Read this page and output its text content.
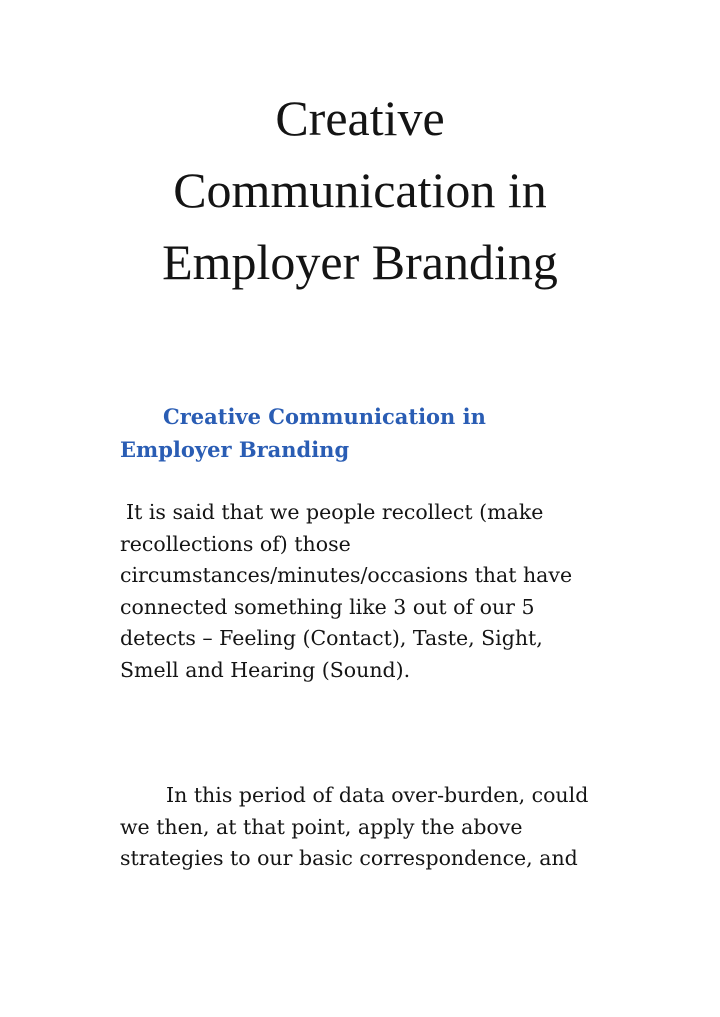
Creative
Communication in
Employer Branding
Creative Communication in
Employer Branding
It is said that we people recollect (make
recollections of) those
circumstances/minutes/occasions that have
connected something like 3 out of our 5
detects – Feeling (Contact), Taste, Sight,
Smell and Hearing (Sound).
In this period of data over-burden, could
we then, at that point, apply the above
strategies to our basic correspondence, and
